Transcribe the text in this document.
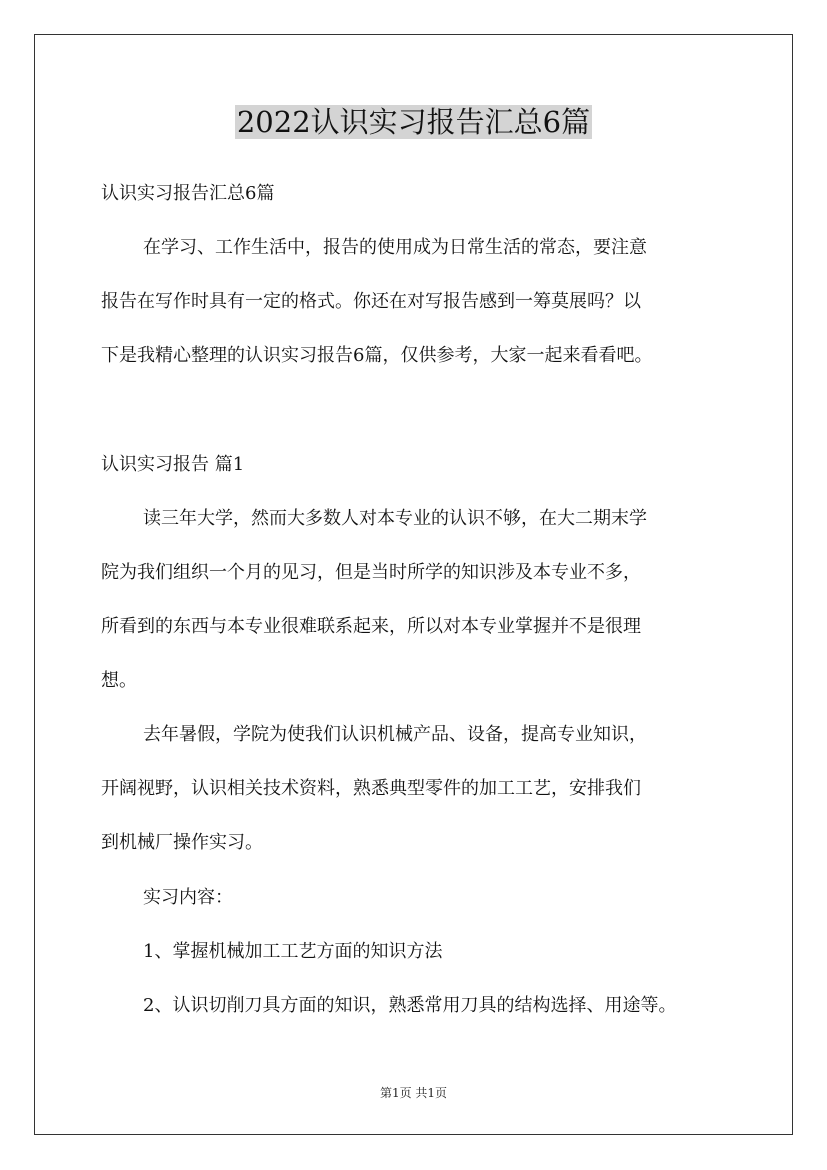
2022认识实习报告汇总6篇
认识实习报告汇总6篇
在学习、工作生活中，报告的使用成为日常生活的常态，要注意
报告在写作时具有一定的格式。你还在对写报告感到一筹莫展吗？以
下是我精心整理的认识实习报告6篇，仅供参考，大家一起来看看吧。
认识实习报告 篇1
读三年大学，然而大多数人对本专业的认识不够，在大二期末学
院为我们组织一个月的见习，但是当时所学的知识涉及本专业不多，
所看到的东西与本专业很难联系起来，所以对本专业掌握并不是很理
想。
去年暑假，学院为使我们认识机械产品、设备，提高专业知识，
开阔视野，认识相关技术资料，熟悉典型零件的加工工艺，安排我们
到机械厂操作实习。
实习内容：
1、掌握机械加工工艺方面的知识方法
2、认识切削刀具方面的知识，熟悉常用刀具的结构选择、用途等。
第1页 共1页
